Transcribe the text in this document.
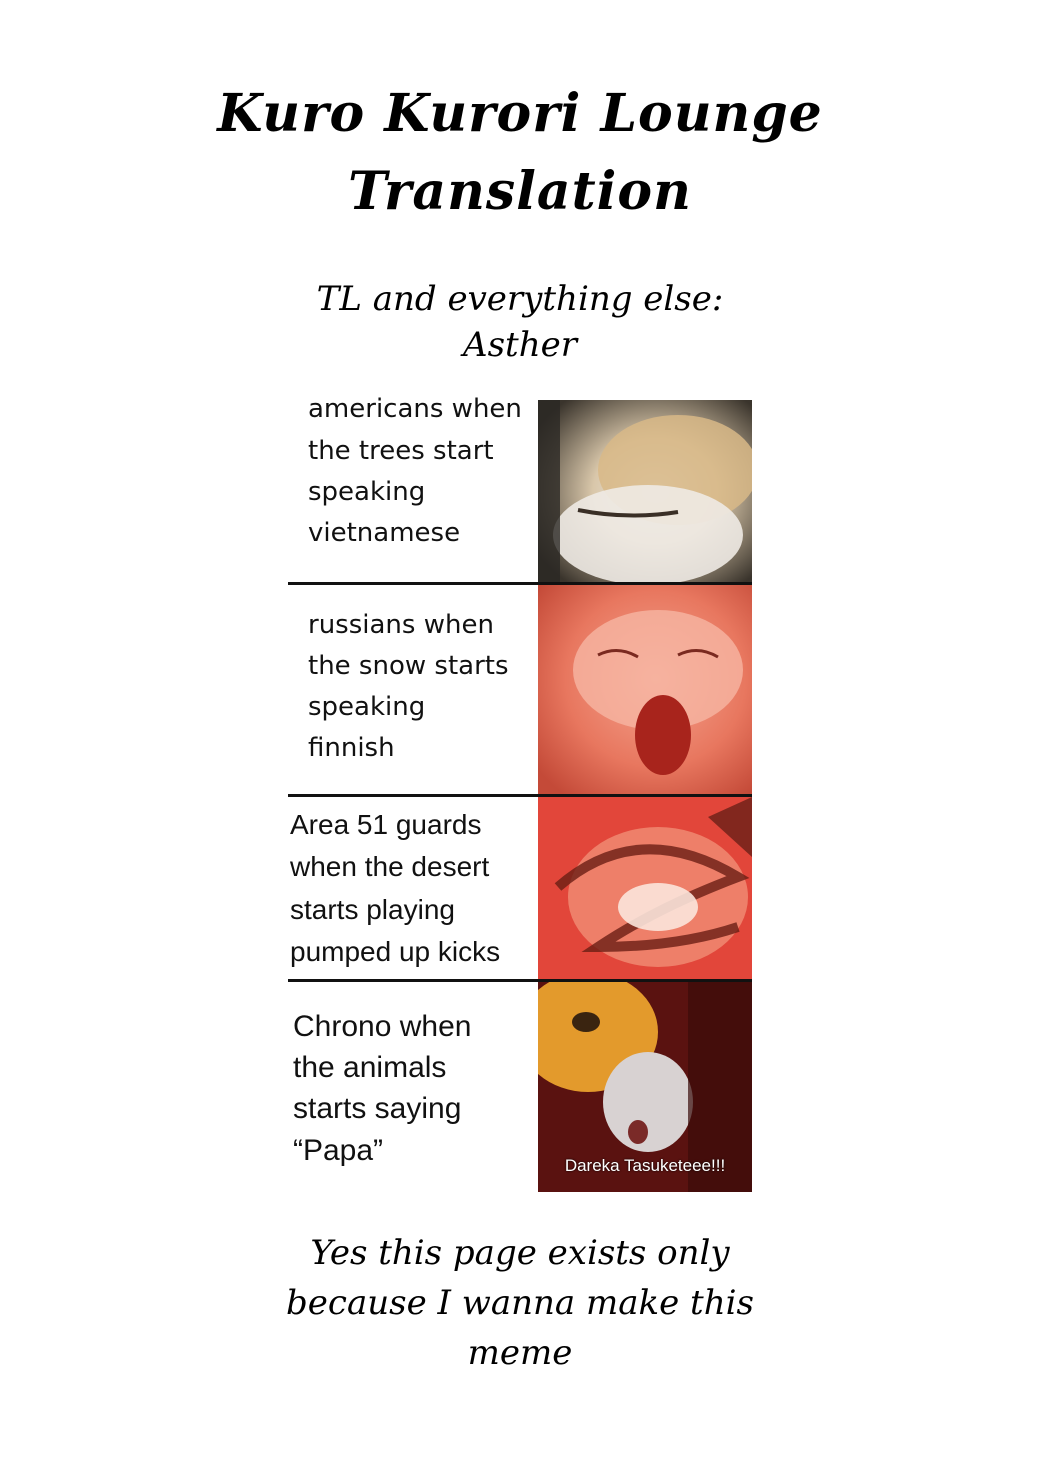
Kuro Kurori Lounge
Translation
TL and everything else:
Asther
americans when
the trees start
speaking
vietnamese
russians when
the snow starts
speaking
finnish
Area 51 guards
when the desert
starts playing
pumped up kicks
Chrono when
the animals
starts saying
“Papa”	Dareka Tasuketeee!!!
Yes this page exists only
because I wanna make this
meme
